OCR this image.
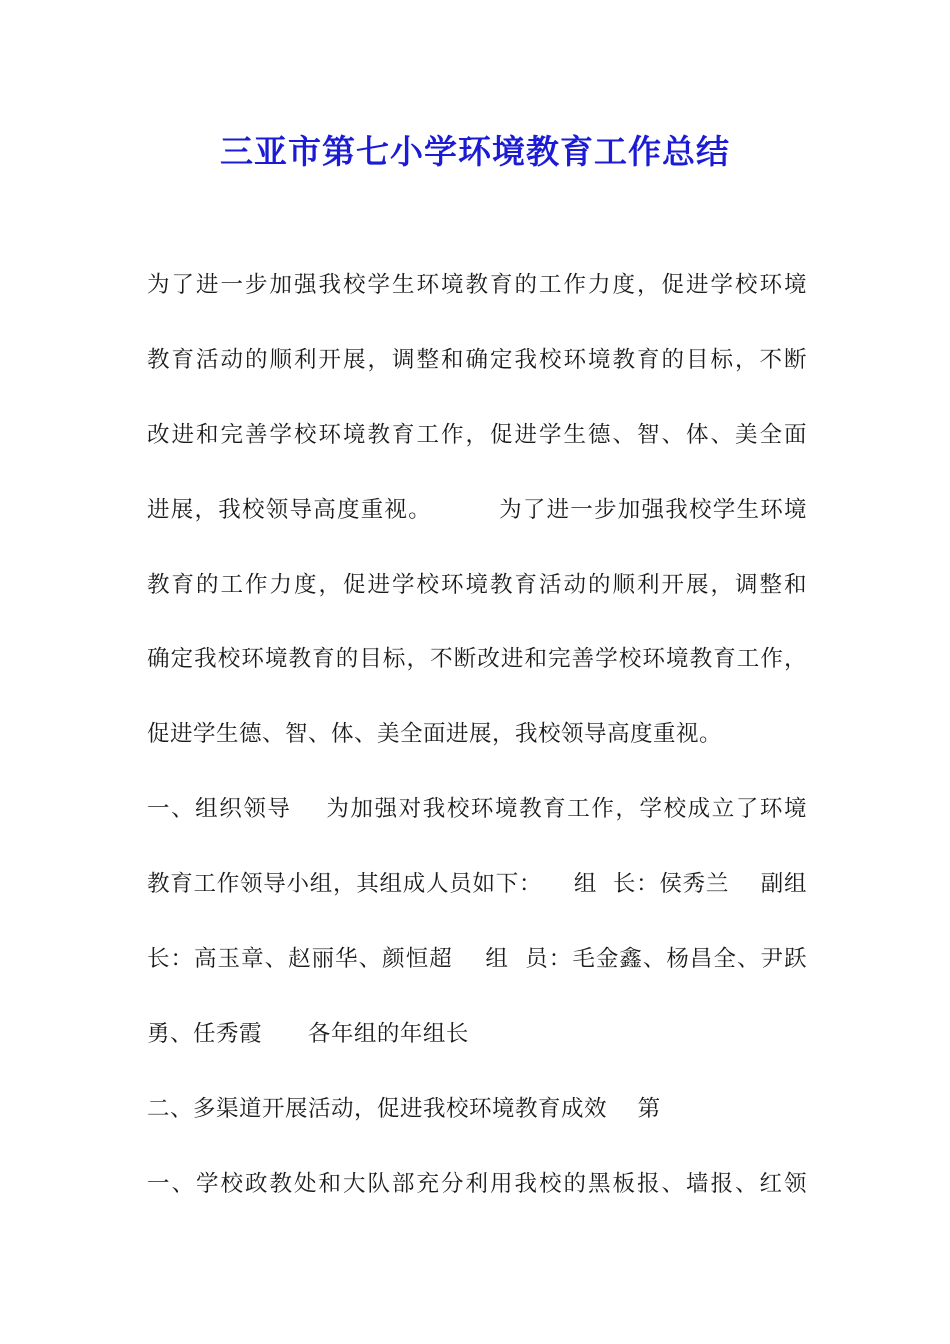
三亚市第七小学环境教育工作总结
为了进一步加强我校学生环境教育的工作力度，促进学校环境
教育活动的顺利开展，调整和确定我校环境教育的目标，不断
改进和完善学校环境教育工作，促进学生德、智、体、美全面
进展，我校领导高度重视。        为了进一步加强我校学生环境
教育的工作力度，促进学校环境教育活动的顺利开展，调整和
确定我校环境教育的目标，不断改进和完善学校环境教育工作，
促进学生德、智、体、美全面进展，我校领导高度重视。
一、组织领导    为加强对我校环境教育工作，学校成立了环境
教育工作领导小组，其组成人员如下：    组  长：侯秀兰    副组
长：高玉章、赵丽华、颜恒超    组  员：毛金鑫、杨昌全、尹跃
勇、任秀霞      各年组的年组长
二、多渠道开展活动，促进我校环境教育成效    第
一、学校政教处和大队部充分利用我校的黑板报、墙报、红领
